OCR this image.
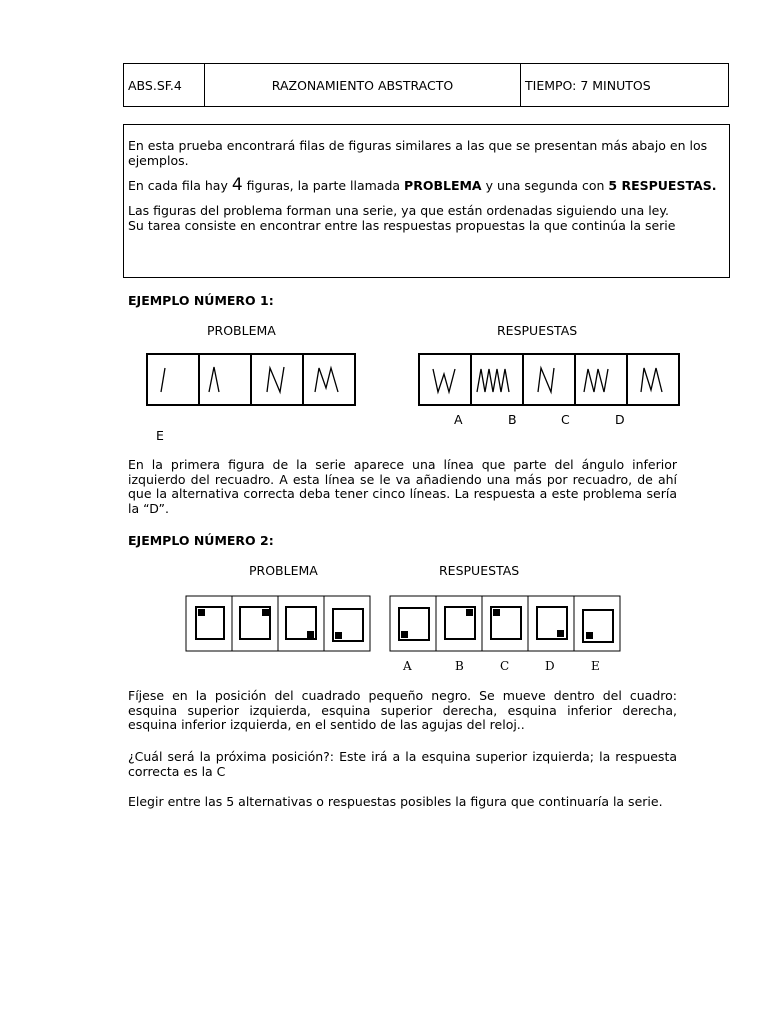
ABS.SF.4	RAZONAMIENTO ABSTRACTO	TIEMPO: 7 MINUTOS

En esta prueba encontrará filas de figuras similares a las que se presentan más abajo en los ejemplos.

En cada fila hay 4 figuras, la parte llamada PROBLEMA y una segunda con 5 RESPUESTAS.

Las figuras del problema forman una serie, ya que están ordenadas siguiendo una ley.

Su tarea consiste en encontrar entre las respuestas propuestas la que continúa la serie

EJEMPLO NÚMERO 1:
PROBLEMA	RESPUESTAS
A	B	C	D
E

En la primera figura de la serie aparece una línea que parte del ángulo inferior izquierdo del recuadro. A esta línea se le va añadiendo una más por recuadro, de ahí que la alternativa correcta deba tener cinco líneas. La respuesta a este problema sería la “D”.

EJEMPLO NÚMERO 2:
PROBLEMA	RESPUESTAS
A	B	C	D	E

Fíjese en la posición del cuadrado pequeño negro. Se mueve dentro del cuadro: esquina superior izquierda, esquina superior derecha, esquina inferior derecha, esquina inferior izquierda, en el sentido de las agujas del reloj..

¿Cuál será la próxima posición?: Este irá a la esquina superior izquierda; la respuesta correcta es la C

Elegir entre las 5 alternativas o respuestas posibles la figura que continuaría la serie.
